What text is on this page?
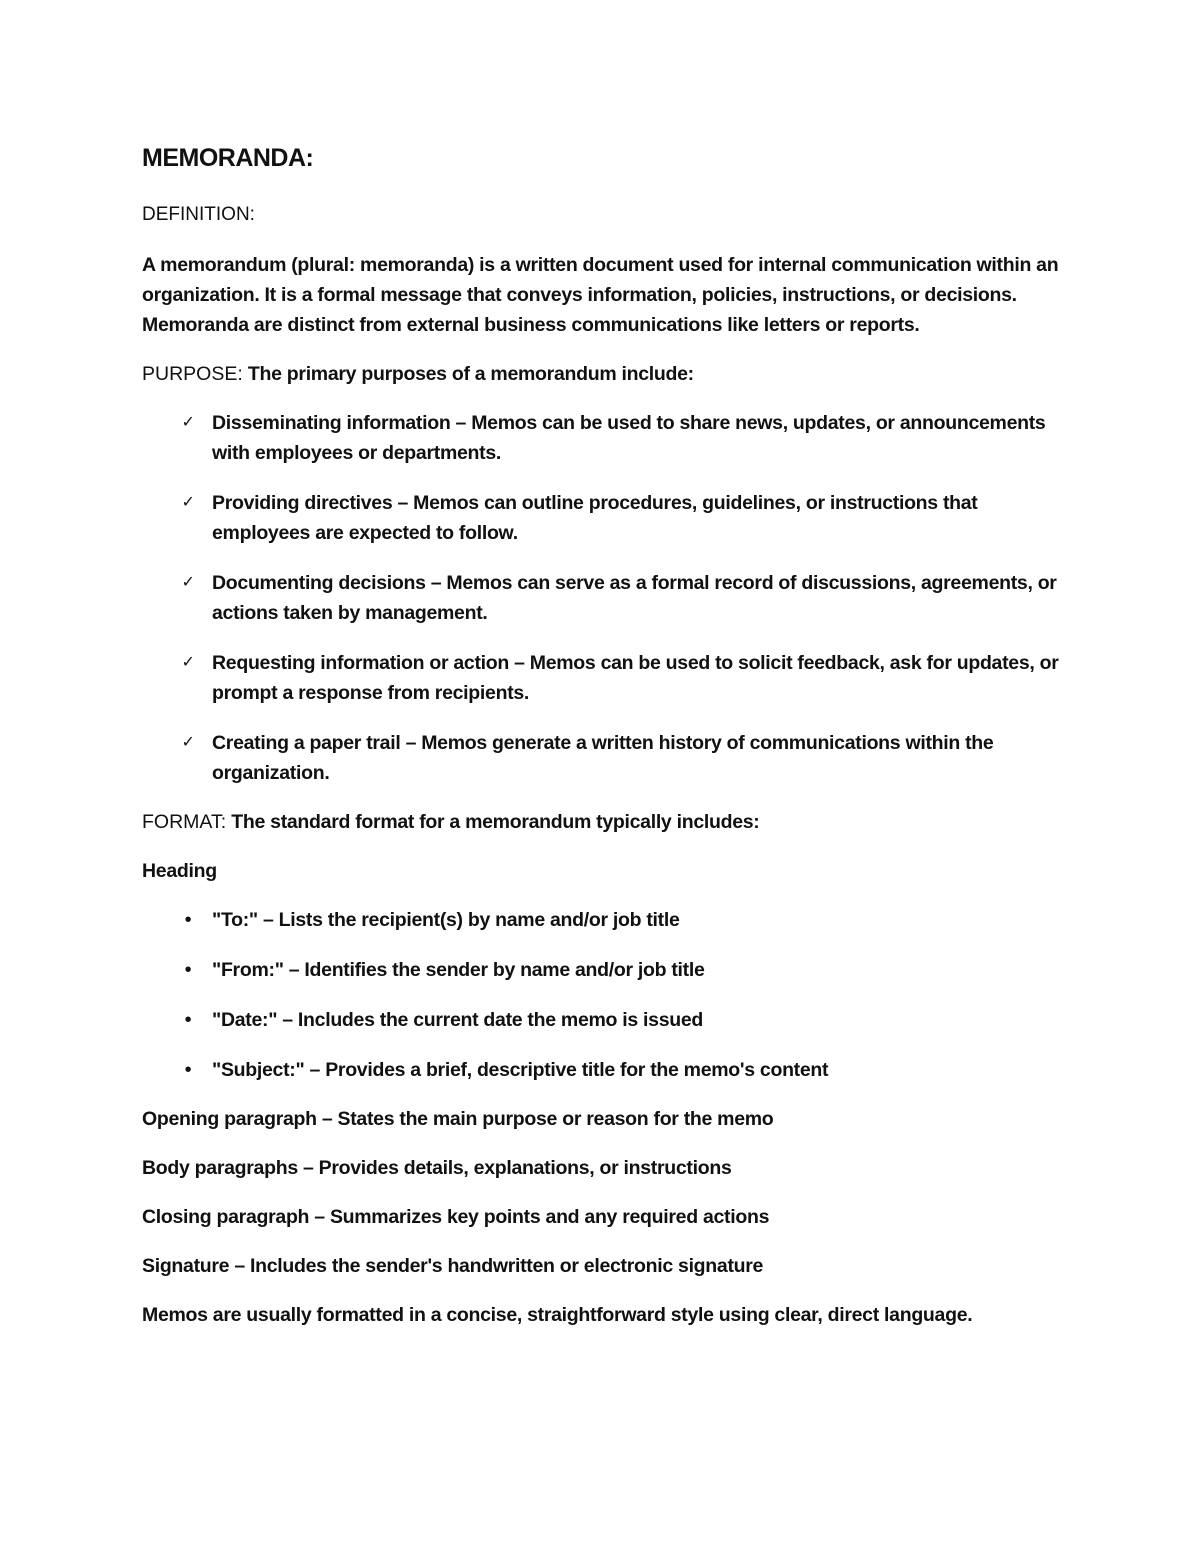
MEMORANDA:
DEFINITION:
A memorandum (plural: memoranda) is a written document used for internal communication within an organization. It is a formal message that conveys information, policies, instructions, or decisions. Memoranda are distinct from external business communications like letters or reports.
PURPOSE: The primary purposes of a memorandum include:
✓ Disseminating information – Memos can be used to share news, updates, or announcements with employees or departments.
✓ Providing directives – Memos can outline procedures, guidelines, or instructions that employees are expected to follow.
✓ Documenting decisions – Memos can serve as a formal record of discussions, agreements, or actions taken by management.
✓ Requesting information or action – Memos can be used to solicit feedback, ask for updates, or prompt a response from recipients.
✓ Creating a paper trail – Memos generate a written history of communications within the organization.
FORMAT: The standard format for a memorandum typically includes:
Heading
•	"To:" – Lists the recipient(s) by name and/or job title
•	"From:" – Identifies the sender by name and/or job title
•	"Date:" – Includes the current date the memo is issued
•	"Subject:" – Provides a brief, descriptive title for the memo's content
Opening paragraph – States the main purpose or reason for the memo
Body paragraphs – Provides details, explanations, or instructions
Closing paragraph – Summarizes key points and any required actions
Signature – Includes the sender's handwritten or electronic signature
Memos are usually formatted in a concise, straightforward style using clear, direct language.
